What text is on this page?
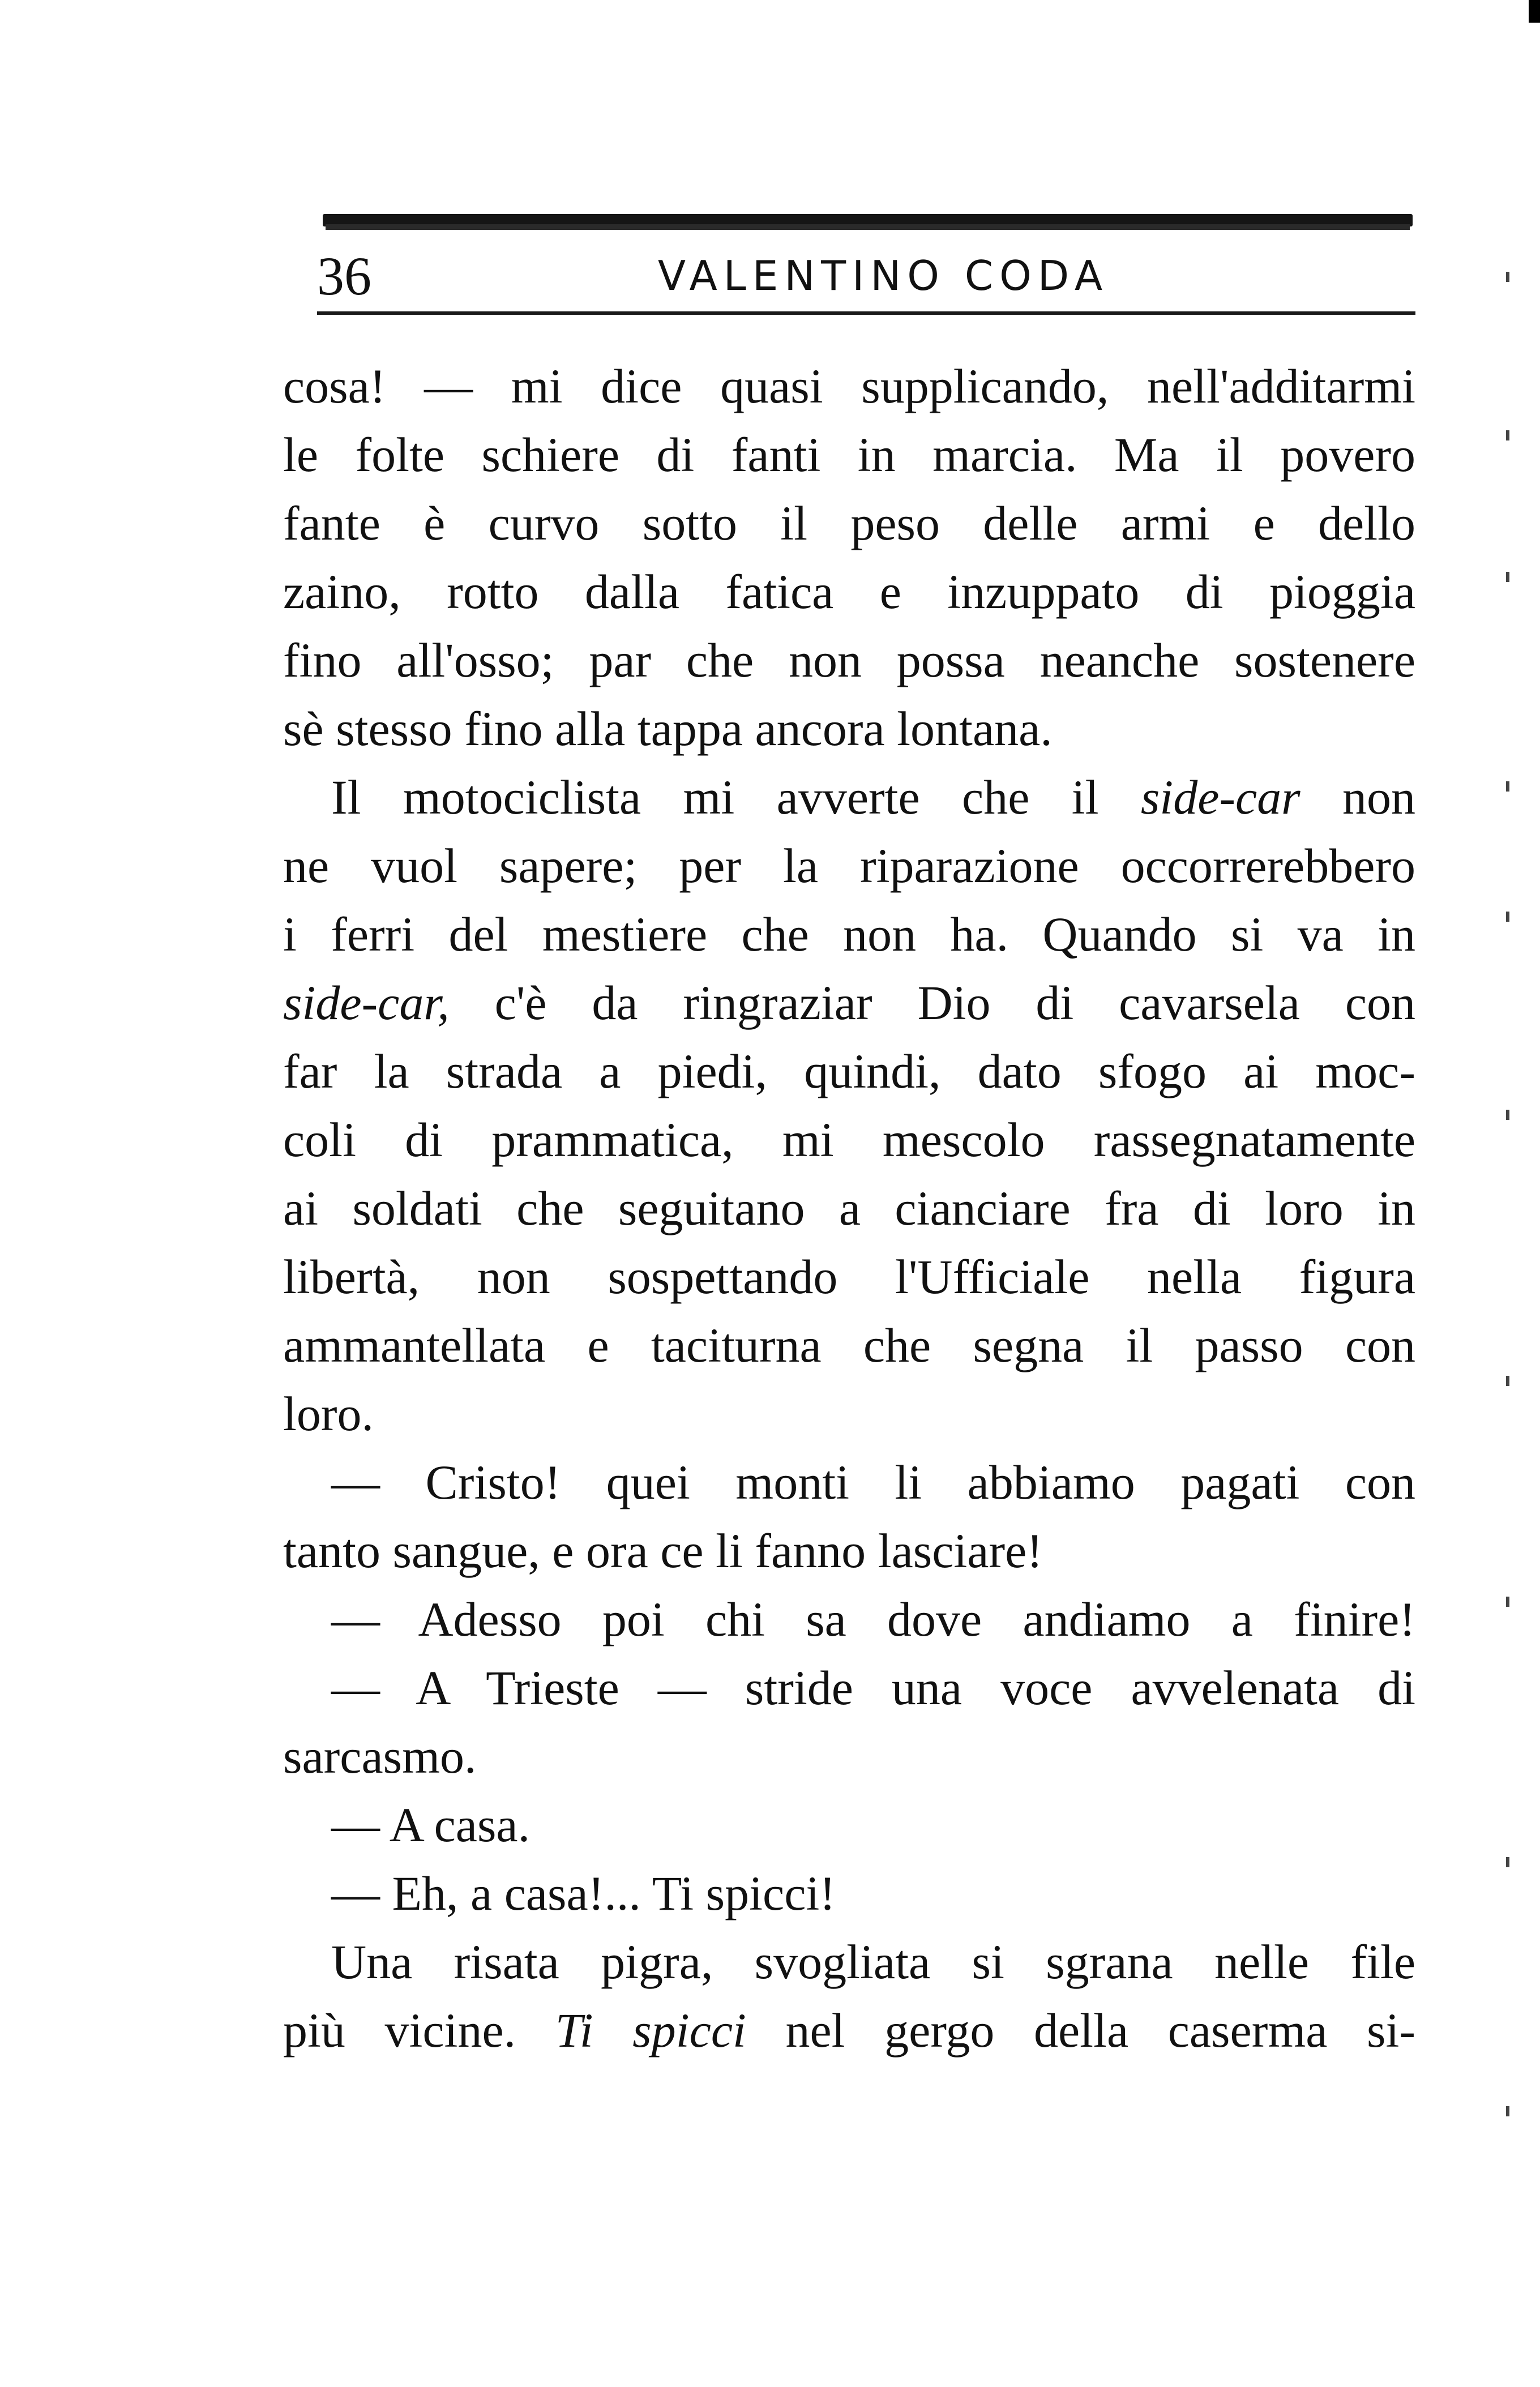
36	VALENTINO CODA
cosa! — mi dice quasi supplicando, nell'additarmi
le folte schiere di fanti in marcia. Ma il povero
fante è curvo sotto il peso delle armi e dello
zaino, rotto dalla fatica e inzuppato di pioggia
fino all'osso; par che non possa neanche sostenere
sè stesso fino alla tappa ancora lontana.
Il motociclista mi avverte che il side-car non
ne vuol sapere; per la riparazione occorrerebbero
i ferri del mestiere che non ha. Quando si va in
side-car, c'è da ringraziar Dio di cavarsela con
far la strada a piedi, quindi, dato sfogo ai moc-
coli di prammatica, mi mescolo rassegnatamente
ai soldati che seguitano a cianciare fra di loro in
libertà, non sospettando l'Ufficiale nella figura
ammantellata e taciturna che segna il passo con
loro.
— Cristo! quei monti li abbiamo pagati con
tanto sangue, e ora ce li fanno lasciare!
— Adesso poi chi sa dove andiamo a finire!
— A Trieste — stride una voce avvelenata di
sarcasmo.
— A casa.
— Eh, a casa!... Ti spicci!
Una risata pigra, svogliata si sgrana nelle file
più vicine. Ti spicci nel gergo della caserma si-
